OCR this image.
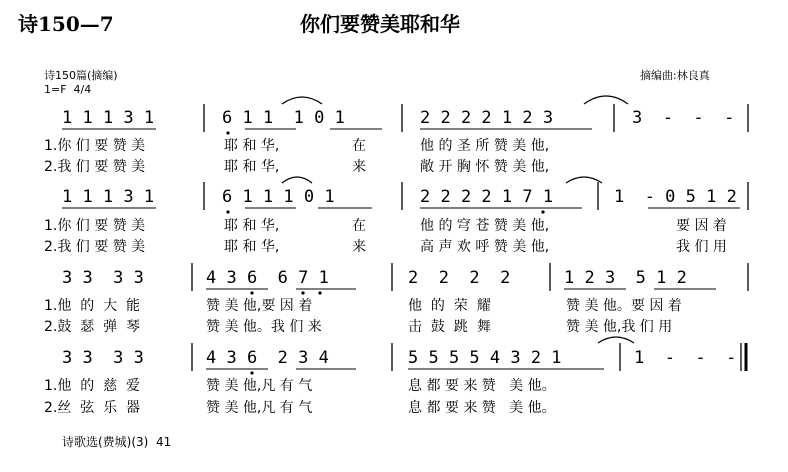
诗150—7	你们要赞美耶和华
诗150篇(摘编)
1=F  4/4
摘编曲:林良真
1 1 1 3 1	6 1 1  1 0 1	2 2 2 2 1 2 3	3  -  -  -
1.你 们 要 赞 美	耶 和 华,	在	他 的 圣 所 赞 美 他,
2.我 们 要 赞 美	耶 和 华,	来	敞 开 胸 怀 赞 美 他,
1 1 1 3 1	6 1 1 1 0 1	2 2 2 2 1 7 1	1  - 0 5 1 2
1.你 们 要 赞 美	耶 和 华,	在	他 的 穹 苍 赞 美 他,	要 因 着
2.我 们 要 赞 美	耶 和 华,	来	高 声 欢 呼 赞 美 他,	我 们 用
3 3  3 3	4 3 6  6 7 1	2  2  2  2	1 2 3  5 1 2
1.他  的  大  能	赞 美 他,要 因 着	他  的  荣  耀	赞 美 他。要 因 着
2.鼓  瑟  弹  琴	赞 美 他。我 们 来	击  鼓  跳  舞	赞 美 他,我 们 用
3 3  3 3	4 3 6  2 3 4	5 5 5 5 4 3 2 1	1  -  -  -
1.他  的  慈  爱	赞 美 他,凡 有 气	息 都 要 来 赞   美 他。
2.丝  弦  乐  器	赞 美 他,凡 有 气	息 都 要 来 赞   美 他。
诗歌选(费城)(3)  41
